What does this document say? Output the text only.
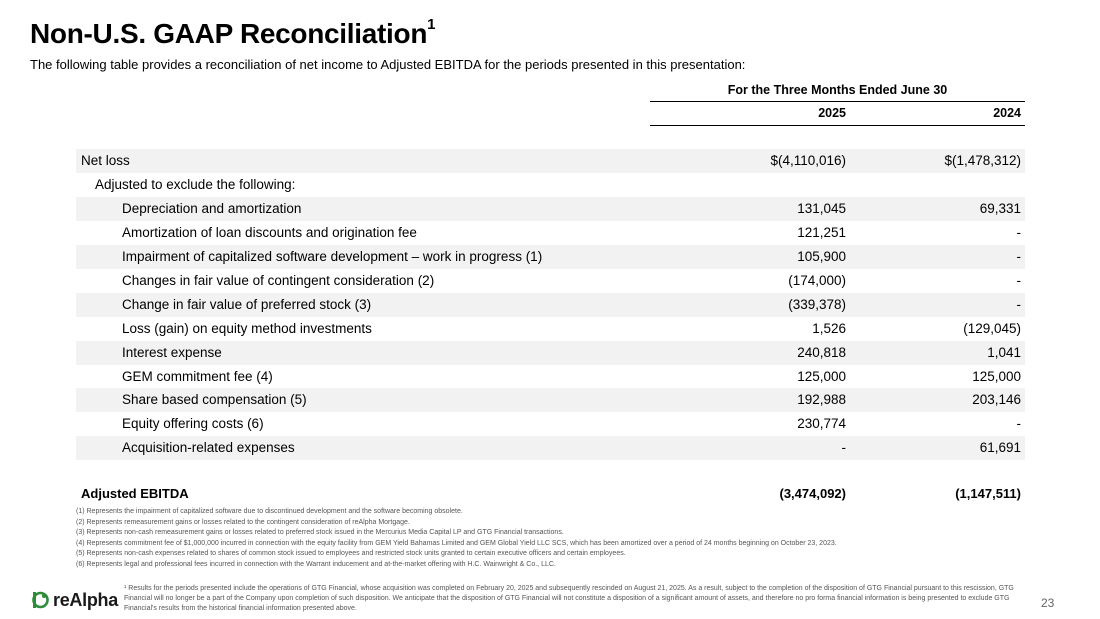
Non-U.S. GAAP Reconciliation$^1$
The following table provides a reconciliation of net income to Adjusted EBITDA for the periods presented in this presentation:
For the Three Months Ended June 30
2025	2024
Net loss	$(4,110,016)	$(1,478,312)
Adjusted to exclude the following:
Depreciation and amortization	131,045	69,331
Amortization of loan discounts and origination fee	121,251	-
Impairment of capitalized software development – work in progress (1)	105,900	-
Changes in fair value of contingent consideration (2)	(174,000)	-
Change in fair value of preferred stock (3)	(339,378)	-
Loss (gain) on equity method investments	1,526	(129,045)
Interest expense	240,818	1,041
GEM commitment fee (4)	125,000	125,000
Share based compensation (5)	192,988	203,146
Equity offering costs (6)	230,774	-
Acquisition-related expenses	-	61,691
Adjusted EBITDA	(3,474,092)	(1,147,511)
(1) Represents the impairment of capitalized software due to discontinued development and the software becoming obsolete.
(2) Represents remeasurement gains or losses related to the contingent consideration of reAlpha Mortgage.
(3) Represents non-cash remeasurement gains or losses related to preferred stock issued in the Mercurius Media Capital LP and GTG Financial transactions.
(4) Represents commitment fee of $1,000,000 incurred in connection with the equity facility from GEM Yield Bahamas Limited and GEM Global Yield LLC SCS, which has been amortized over a period of 24 months beginning on October 23, 2023.
(5) Represents non-cash expenses related to shares of common stock issued to employees and restricted stock units granted to certain executive officers and certain employees.
(6) Represents legal and professional fees incurred in connection with the Warrant inducement and at-the-market offering with H.C. Wainwright & Co., LLC.
reAlpha
¹ Results for the periods presented include the operations of GTG Financial, whose acquisition was completed on February 20, 2025 and subsequently rescinded on August 21, 2025. As a result, subject to the completion of the disposition of GTG Financial pursuant to this rescission, GTG Financial will no longer be a part of the Company upon completion of such disposition. We anticipate that the disposition of GTG Financial will not constitute a disposition of a significant amount of assets, and therefore no pro forma financial information is being presented to exclude GTG Financial's results from the historical financial information presented above.	23
